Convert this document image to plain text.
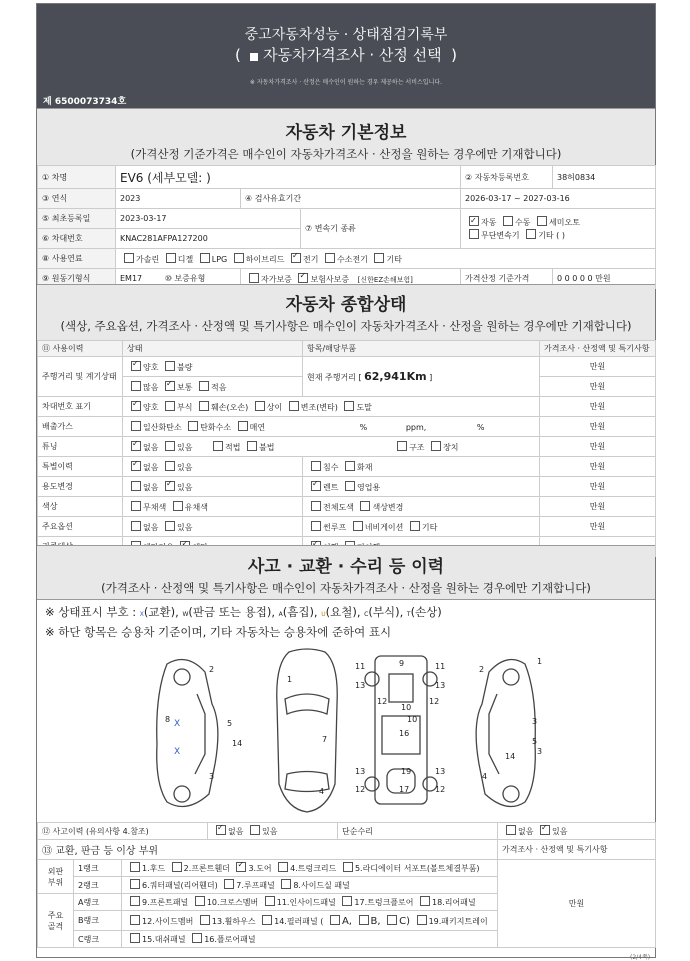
중고자동차성능 · 상태점검기록부
( 자동차가격조사 · 산정 선택 )
※ 자동차가격조사 · 산정은 매수인이 원하는 경우 제공하는 서비스입니다.
제 6500073734호
자동차 기본정보
(가격산정 기준가격은 매수인이 자동차가격조사 · 산정을 원하는 경우에만 기재합니다)
① 차명	EV6 (세부모델: )			② 자동차등록번호	38허0834
③ 연식	2023	④ 검사유효기간		2026-03-17 ~ 2027-03-16	
⑤ 최초등록일	2023-03-17		⑦ 변속기 종류	✓자동 수동 세미오토
무단변속기 기타 ( )
⑥ 차대번호	KNAC281AFPA127200				
⑧ 사용연료	가솔린 디젤 LPG 하이브리드 ✓ 전기 수소전기 기타
⑨ 원동기형식	EM17 ⑩ 보증유형	자가보증 ✓ 보험사보증 [신한EZ손해보험]		가격산정 기준가격	0 0 0 0 0 만원
자동차 종합상태
(색상, 주요옵션, 가격조사 · 산정액 및 특기사항은 매수인이 자동차가격조사 · 산정을 원하는 경우에만 기재합니다)
⑪ 사용이력	상태	항목/해당부품	가격조사 · 산정액 및 특기사항
주행거리 및 계기상태	✓양호 불량	현재 주행거리 [ 62,941Km ]	만원
	많음 ✓ 보통 적음		만원
차대번호 표기	✓양호 부식 훼손(오손) 상이 변조(변타) 도말		만원
배출가스	일산화탄소 탄화수소 매연 % ppm, %		만원
튜닝	✓없음 있음 적법 불법 구조 장치		만원
특별이력	✓없음 있음	침수 화재	만원
용도변경	없음 ✓ 있음	✓렌트 영업용	만원
색상	무채색 유채색	전체도색 색상변경	만원
주요옵션	없음 있음	썬루프 네비게이션 기타	만원
	✓	✓	
사고 · 교환 · 수리 등 이력
(가격조사 · 산정액 및 특기사항은 매수인이 자동차가격조사 · 산정을 원하는 경우에만 기재합니다)
※ 상태표시 부호 : X(교환), W(판금 또는 용접), A(흠집), U(요철), C(부식), T(손상)
※ 하단 항목은 승용차 기준이며, 기타 자동차는 승용차에 준하여 표시
2
1
8	5
14	7
4
3
11	9	11
13
10
13
12	12
10
16
13	19	13
12	17	12
2
1
3
5
3
14
4
X
X
⑫ 사고이력 (유의사항 4.참조)	✓없음 있음	단순수리	없음 ✓ 있음
⑬ 교환, 판금 등 이상 부위			가격조사 · 산정액 및 특기사항
외판
부위	1랭크	1.후드 2.프론트휀더 ✓ 3.도어 4.트렁크리드 5.라디에이터 서포트(볼트체결부품)	만원
	2랭크	6.쿼터패널(리어휀더) 7.루프패널 8.사이드실 패널	
주요
골격	A랭크	9.프론트패널 10.크로스멤버 11.인사이드패널 17.트렁크플로어 18.리어패널	
	B랭크	12.사이드멤버 13.휠하우스 14.필러패널 ( A, B, C) 19.패키지트레이	
	C랭크	15.대쉬패널 16.플로어패널	
(2/4쪽)
